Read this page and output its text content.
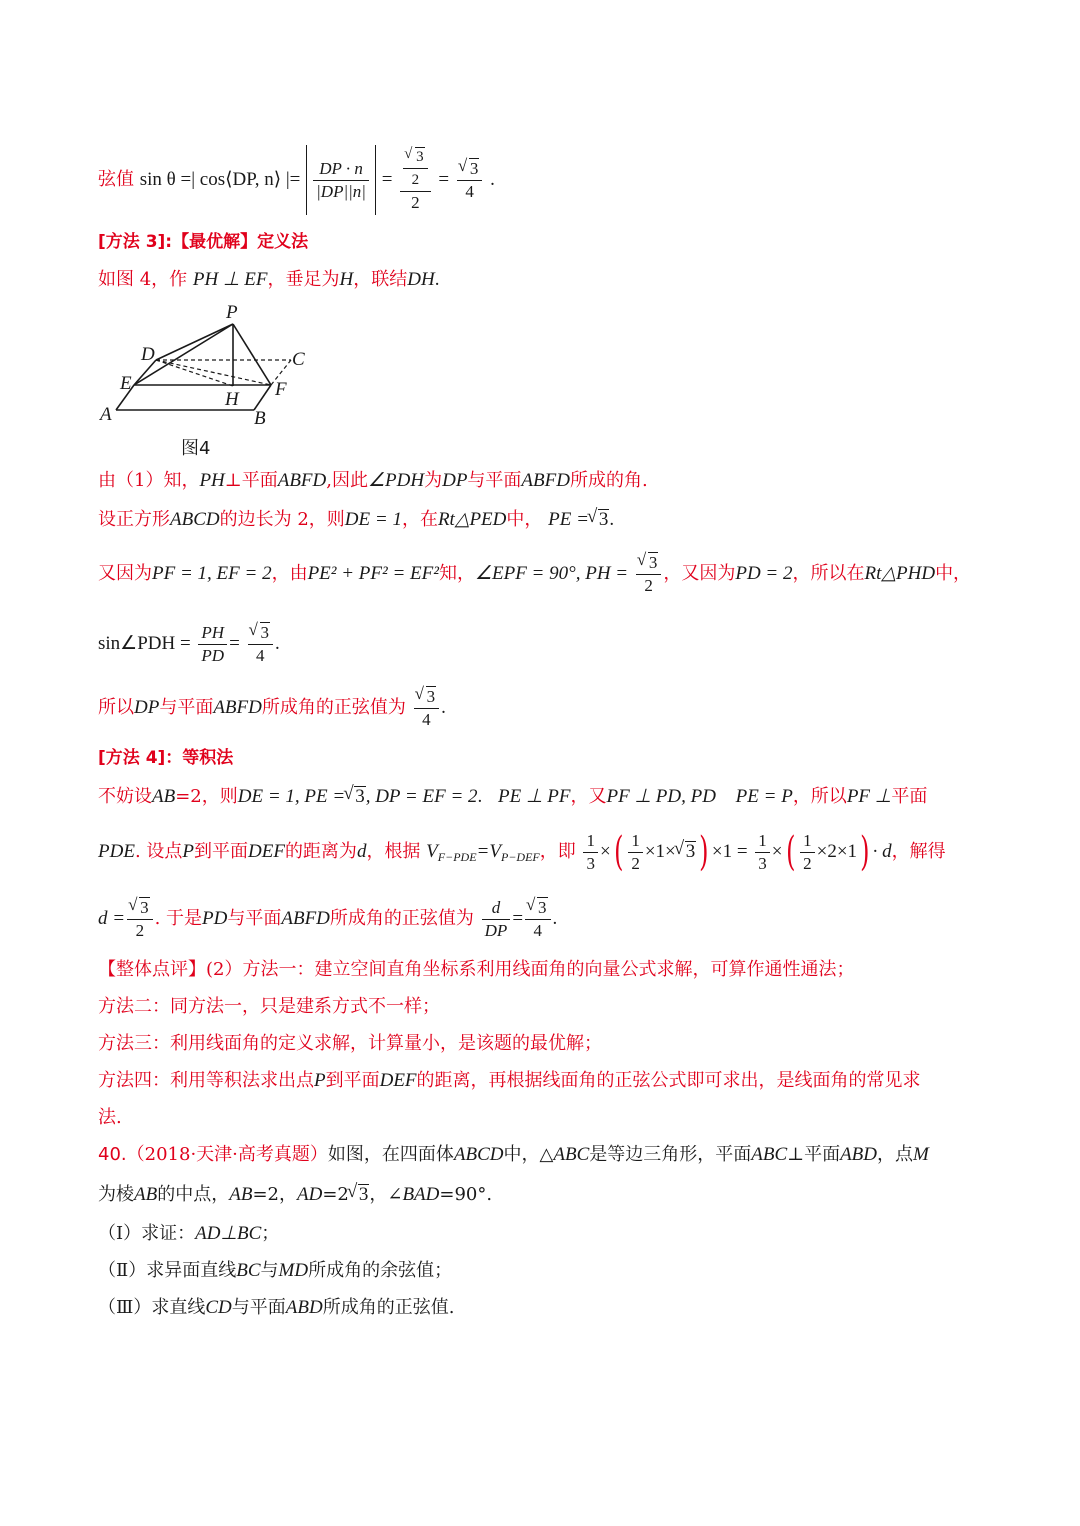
弦值 sin θ =| cos⟨DP, n⟩ |= $\frac{DP \cdot n}{|DP||n|}$ =
√ $\frac{\frac{3}{2}}{2}$ =
√ $\frac{3}{4}$ .
[方法 3]:【最优解】定义法
如图 4，作 PH ⊥ EF，垂足为H，联结DH.
P
D	C
E	F
H
A	B
图4
由（1）知，PH⊥平面ABFD,因此∠PDH为DP与平面ABFD所成的角.
设正方形ABCD的边长为 2，则DE = 1，在Rt△PED中， PE =√ 3.
又因为PF = 1, EF = 2，由PE² + PF² = EF²知，∠EPF = 90°, PH =
√ $\frac{3}{2}$ ，又因为PD = 2，所以在Rt△PHD中，
sin∠PDH = $\frac{PH}{PD}$ =
√ $\frac{3}{4}$ .
所以DP与平面ABFD所成角的正弦值为
√ $\frac{3}{4}$ .
[方法 4]：等积法
不妨设AB=2，则DE = 1, PE =√ 3, DP = EF = 2. PE ⊥ PF，又PF ⊥ PD, PD PE = P，所以PF ⊥平面
PDE. 设点P到平面DEF的距离为d，根据 $V_{F-PDE}=V_{P-DEF}$，即 $\frac{1}{3}$ ×( $\frac{1}{2} \times 1\times√$ 3 ) $\times 1 = \frac{1}{3}$ ×( $\frac{1}{2} \times 2\times 1) \cdot d$，解得
d =
√ $\frac{3}{2}$ . 于是PD与平面ABFD所成角的正弦值为 $\frac{d}{DP}$ =
√ $\frac{3}{4}$ .
【整体点评】(2）方法一：建立空间直角坐标系利用线面角的向量公式求解，可算作通性通法；
方法二：同方法一，只是建系方式不一样；
方法三：利用线面角的定义求解，计算量小，是该题的最优解；
方法四：利用等积法求出点P到平面DEF的距离，再根据线面角的正弦公式即可求出，是线面角的常见求
法.
40.（2018·天津·高考真题）如图，在四面体ABCD中，△ABC是等边三角形，平面ABC⊥平面ABD，点M
为棱AB的中点，AB=2，AD=2√ 3，∠BAD=90°.
（Ⅰ）求证：AD⊥BC；
（Ⅱ）求异面直线BC与MD所成角的余弦值；
（Ⅲ）求直线CD与平面ABD所成角的正弦值.
